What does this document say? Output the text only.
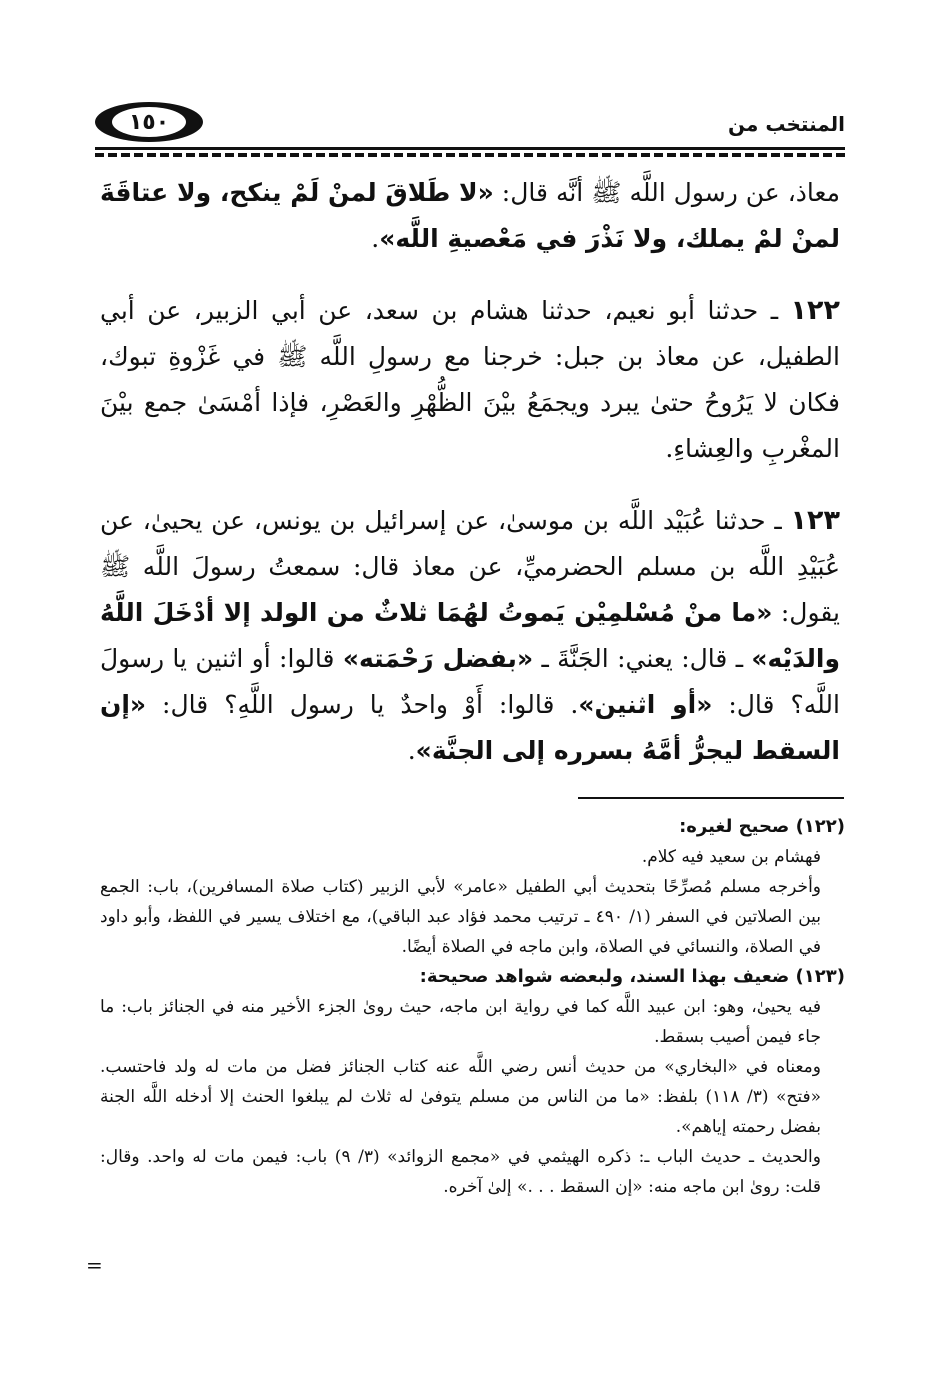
١٥٠	المنتخب من

معاذ، عن رسول اللَّه ﷺ أنَّه قال: «لا طَلاقَ لمنْ لَمْ ينكح، ولا عتاقَةَ لمنْ لمْ يملك، ولا نَذْرَ في مَعْصيةِ اللَّه».

١٢٢ ـ حدثنا أبو نعيم، حدثنا هشام بن سعد، عن أبي الزبير، عن أبي الطفيل، عن معاذ بن جبل: خرجنا مع رسولِ اللَّه ﷺ في غَزْوةِ تبوك، فكان لا يَرُوحُ حتىٰ يبرد ويجمَعُ بيْنَ الظُّهْرِ والعَصْرِ، فإذا أمْسَىٰ جمع بيْنَ المغْربِ والعِشاءِ.

١٢٣ ـ حدثنا عُبَيْد اللَّه بن موسىٰ، عن إسرائيل بن يونس، عن يحيىٰ، عن عُبَيْدِ اللَّه بن مسلم الحضرميِّ، عن معاذ قال: سمعتُ رسولَ اللَّه ﷺ يقول: «ما منْ مُسْلمِيْن يَموتُ لهُمَا ثلاثٌ من الولد إلا أدْخَلَ اللَّهُ والدَيْه» ـ قال: يعني: الجَنَّةَ ـ «بفضل رَحْمَته» قالوا: أو اثنين يا رسولَ اللَّه؟ قال: «أو اثنين». قالوا: أَوْ واحدٌ يا رسول اللَّهِ؟ قال: «إن السقط ليجرُّ أمَّهُ بسرره إلى الجنَّة».

(١٢٢) صحيح لغيره:

فهشام بن سعيد فيه كلام.

وأخرجه مسلم مُصرِّحًا بتحديث أبي الطفيل «عامر» لأبي الزبير (كتاب صلاة المسافرين)، باب: الجمع بين الصلاتين في السفر (١/ ٤٩٠ ـ ترتيب محمد فؤاد عبد الباقي)، مع اختلاف يسير في اللفظ، وأبو داود في الصلاة، والنسائي في الصلاة، وابن ماجه في الصلاة أيضًا.

(١٢٣) ضعيف بهذا السند، ولبعضه شواهد صحيحة:

فيه يحيىٰ، وهو: ابن عبيد اللَّه كما في رواية ابن ماجه، حيث روىٰ الجزء الأخير منه في الجنائز باب: ما جاء فيمن أصيب بسقط.

ومعناه في «البخاري» من حديث أنس رضي اللَّه عنه كتاب الجنائز فضل من مات له ولد فاحتسب. «فتح» (٣/ ١١٨) بلفظ: «ما من الناس من مسلم يتوفىٰ له ثلاث لم يبلغوا الحنث إلا أدخله اللَّه الجنة بفضل رحمته إياهم».

والحديث ـ حديث الباب ـ: ذكره الهيثمي في «مجمع الزوائد» (٣/ ٩) باب: فيمن مات له واحد. وقال: قلت: روىٰ ابن ماجه منه: «إن السقط . . .» إلىٰ آخره.

=
